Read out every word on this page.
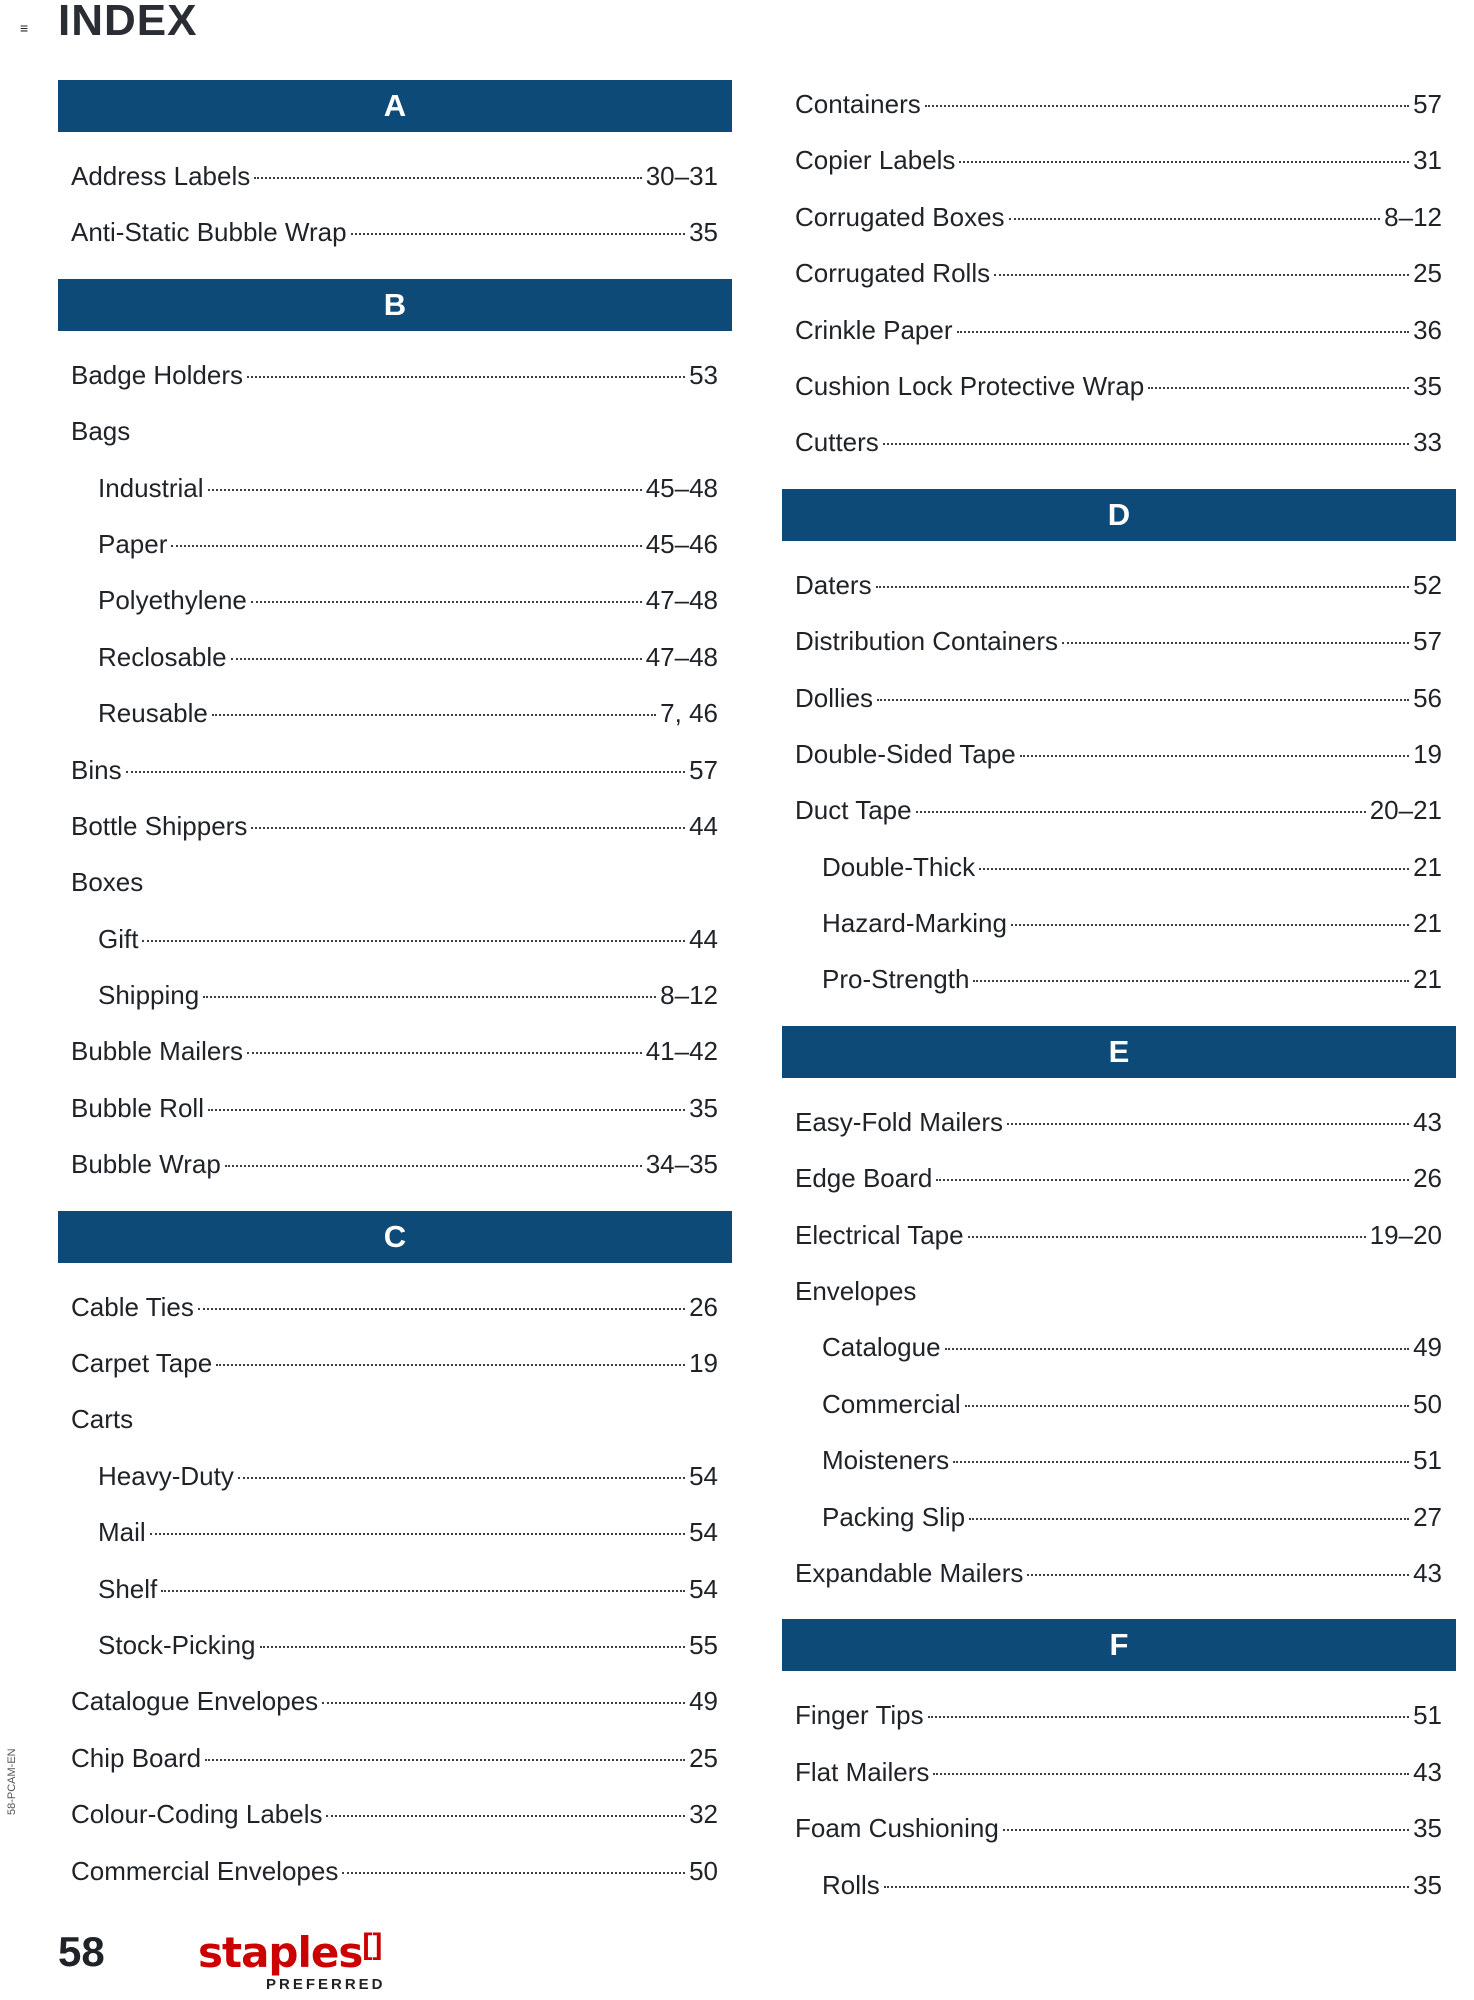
≡ INDEX
A
Address Labels	30–31
Anti-Static Bubble Wrap	35
B
Badge Holders	53
Bags
Industrial	45–48
Paper	45–46
Polyethylene	47–48
Reclosable	47–48
Reusable	7, 46
Bins	57
Bottle Shippers	44
Boxes
Gift	44
Shipping	8–12
Bubble Mailers	41–42
Bubble Roll	35
Bubble Wrap	34–35
C
Cable Ties	26
Carpet Tape	19
Carts
Heavy-Duty	54
Mail	54
Shelf	54
Stock-Picking	55
Catalogue Envelopes	49
Chip Board	25
Colour-Coding Labels	32
Commercial Envelopes	50
Containers	57
Copier Labels	31
Corrugated Boxes	8–12
Corrugated Rolls	25
Crinkle Paper	36
Cushion Lock Protective Wrap	35
Cutters	33
D
Daters	52
Distribution Containers	57
Dollies	56
Double-Sided Tape	19
Duct Tape	20–21
Double-Thick	21
Hazard-Marking	21
Pro-Strength	21
E
Easy-Fold Mailers	43
Edge Board	26
Electrical Tape	19–20
Envelopes
Catalogue	49
Commercial	50
Moisteners	51
Packing Slip	27
Expandable Mailers	43
F
Finger Tips	51
Flat Mailers	43
Foam Cushioning	35
Rolls	35
58-PCAM-EN
58 staples[]
PREFERRED
